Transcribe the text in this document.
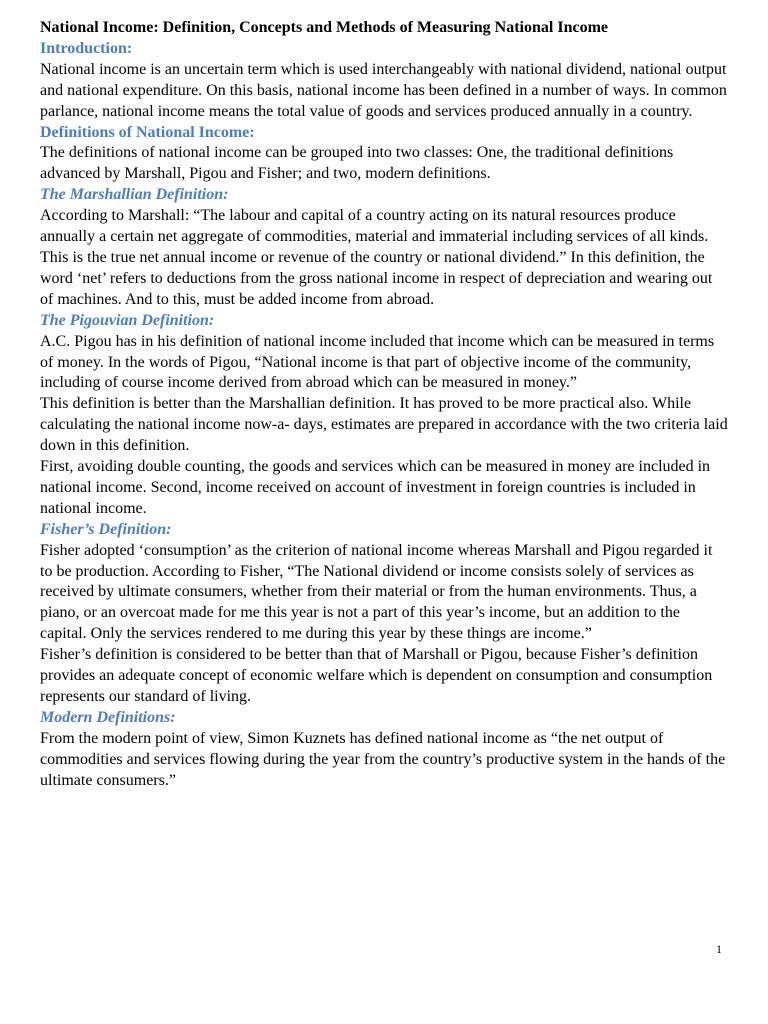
National Income: Definition, Concepts and Methods of Measuring National Income

Introduction:

National income is an uncertain term which is used interchangeably with national dividend, national output and national expenditure. On this basis, national income has been defined in a number of ways. In common parlance, national income means the total value of goods and services produced annually in a country.

Definitions of National Income:

The definitions of national income can be grouped into two classes: One, the traditional definitions advanced by Marshall, Pigou and Fisher; and two, modern definitions.

The Marshallian Definition:

According to Marshall: “The labour and capital of a country acting on its natural resources produce annually a certain net aggregate of commodities, material and immaterial including services of all kinds. This is the true net annual income or revenue of the country or national dividend.” In this definition, the word ‘net’ refers to deductions from the gross national income in respect of depreciation and wearing out of machines. And to this, must be added income from abroad.

The Pigouvian Definition:

A.C. Pigou has in his definition of national income included that income which can be measured in terms of money. In the words of Pigou, “National income is that part of objective income of the community, including of course income derived from abroad which can be measured in money.”

This definition is better than the Marshallian definition. It has proved to be more practical also. While calculating the national income now-a- days, estimates are prepared in accordance with the two criteria laid down in this definition.

First, avoiding double counting, the goods and services which can be measured in money are included in national income. Second, income received on account of investment in foreign countries is included in national income.

Fisher’s Definition:

Fisher adopted ‘consumption’ as the criterion of national income whereas Marshall and Pigou regarded it to be production. According to Fisher, “The National dividend or income consists solely of services as received by ultimate consumers, whether from their material or from the human environments. Thus, a piano, or an overcoat made for me this year is not a part of this year’s income, but an addition to the capital. Only the services rendered to me during this year by these things are income.”

Fisher’s definition is considered to be better than that of Marshall or Pigou, because Fisher’s definition provides an adequate concept of economic welfare which is dependent on consumption and consumption represents our standard of living.

Modern Definitions:

From the modern point of view, Simon Kuznets has defined national income as “the net output of commodities and services flowing during the year from the country’s productive system in the hands of the ultimate consumers.”

1
